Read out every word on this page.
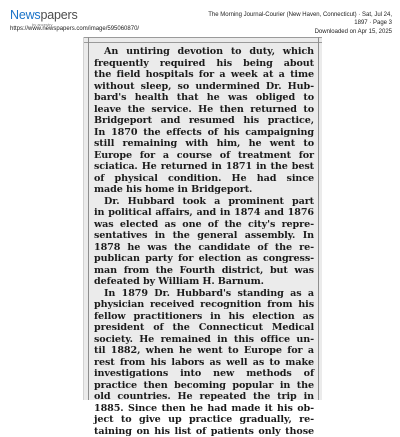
Newspapers
by ancestry
https://www.newspapers.com/image/595060870/
The Morning Journal-Courier (New Haven, Connecticut) · Sat, Jul 24,
1897 · Page 3
Downloaded on Apr 15, 2025
An untiring devotion to duty, which
frequently required his being about
the field hospitals for a week at a time
without sleep, so undermined Dr. Hub-
bard's health that he was obliged to
leave the service. He then returned to
Bridgeport and resumed his practice,
In 1870 the effects of his campaigning
still remaining with him, he went to
Europe for a course of treatment for
sciatica. He returned in 1871 in the best
of physical condition. He had since
made his home in Bridgeport.
Dr. Hubbard took a prominent part
in political affairs, and in 1874 and 1876
was elected as one of the city's repre-
sentatives in the general assembly. In
1878 he was the candidate of the re-
publican party for election as congress-
man from the Fourth district, but was
defeated by William H. Barnum.
In 1879 Dr. Hubbard's standing as a
physician received recognition from his
fellow practitioners in his election as
president of the Connecticut Medical
society. He remained in this office un-
til 1882, when he went to Europe for a
rest from his labors as well as to make
investigations into new methods of
practice then becoming popular in the
old countries. He repeated the trip in
1885. Since then he had made it his ob-
ject to give up practice gradually, re-
taining on his list of patients only those
